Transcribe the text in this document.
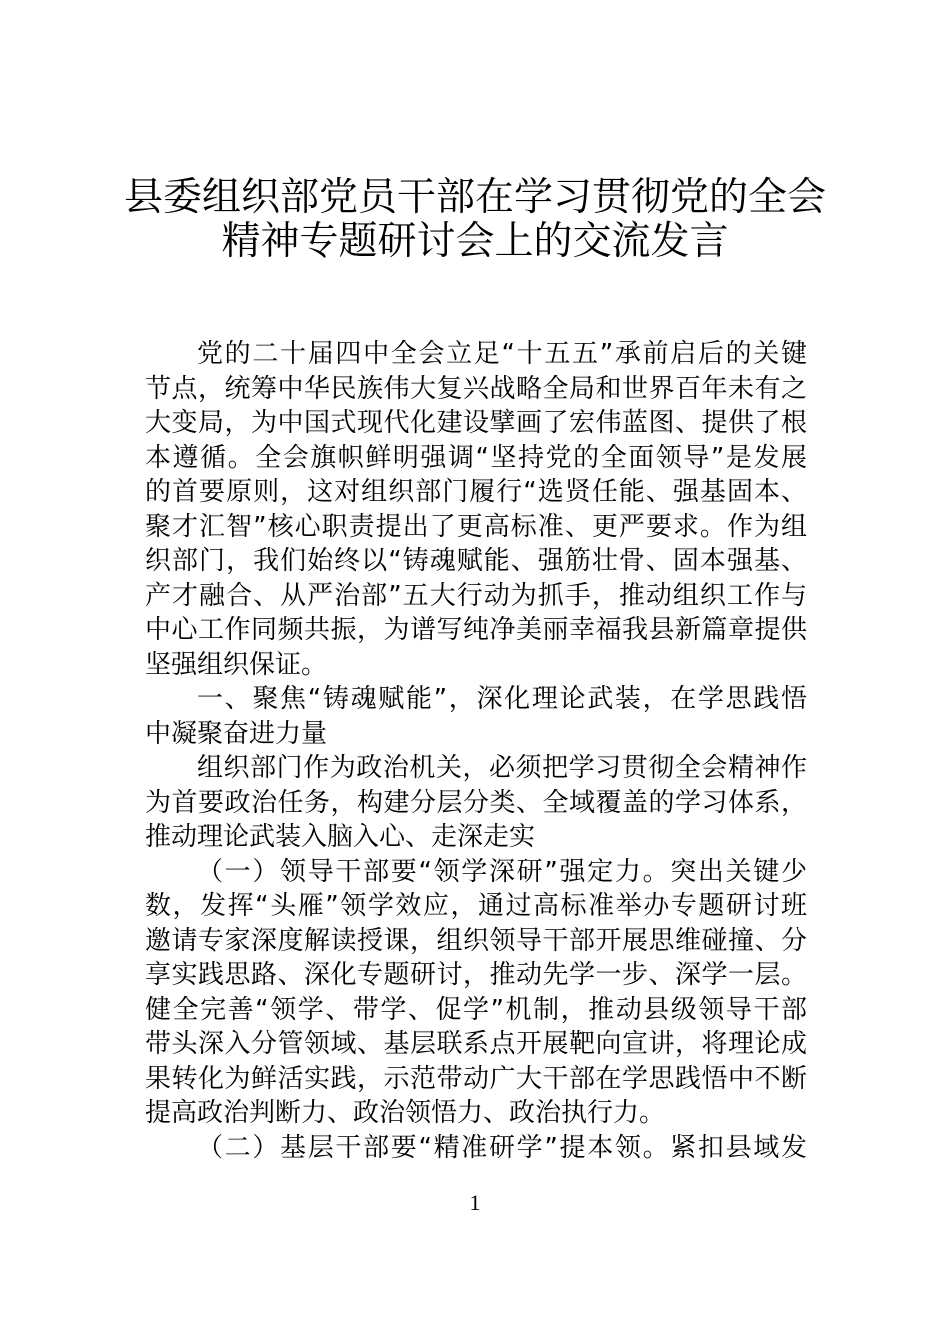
县委组织部党员干部在学习贯彻党的全会
精神专题研讨会上的交流发言
党的二十届四中全会立足“十五五”承前启后的关键
节点，统筹中华民族伟大复兴战略全局和世界百年未有之
大变局，为中国式现代化建设擘画了宏伟蓝图、提供了根
本遵循。全会旗帜鲜明强调“坚持党的全面领导”是发展
的首要原则，这对组织部门履行“选贤任能、强基固本、
聚才汇智”核心职责提出了更高标准、更严要求。作为组
织部门，我们始终以“铸魂赋能、强筋壮骨、固本强基、
产才融合、从严治部”五大行动为抓手，推动组织工作与
中心工作同频共振，为谱写纯净美丽幸福我县新篇章提供
坚强组织保证。
一、聚焦“铸魂赋能”，深化理论武装，在学思践悟
中凝聚奋进力量
组织部门作为政治机关，必须把学习贯彻全会精神作
为首要政治任务，构建分层分类、全域覆盖的学习体系，
推动理论武装入脑入心、走深走实
（一）领导干部要“领学深研”强定力。突出关键少
数，发挥“头雁”领学效应，通过高标准举办专题研讨班
邀请专家深度解读授课，组织领导干部开展思维碰撞、分
享实践思路、深化专题研讨，推动先学一步、深学一层。
健全完善“领学、带学、促学”机制，推动县级领导干部
带头深入分管领域、基层联系点开展靶向宣讲，将理论成
果转化为鲜活实践，示范带动广大干部在学思践悟中不断
提高政治判断力、政治领悟力、政治执行力。
（二）基层干部要“精准研学”提本领。紧扣县域发
1
